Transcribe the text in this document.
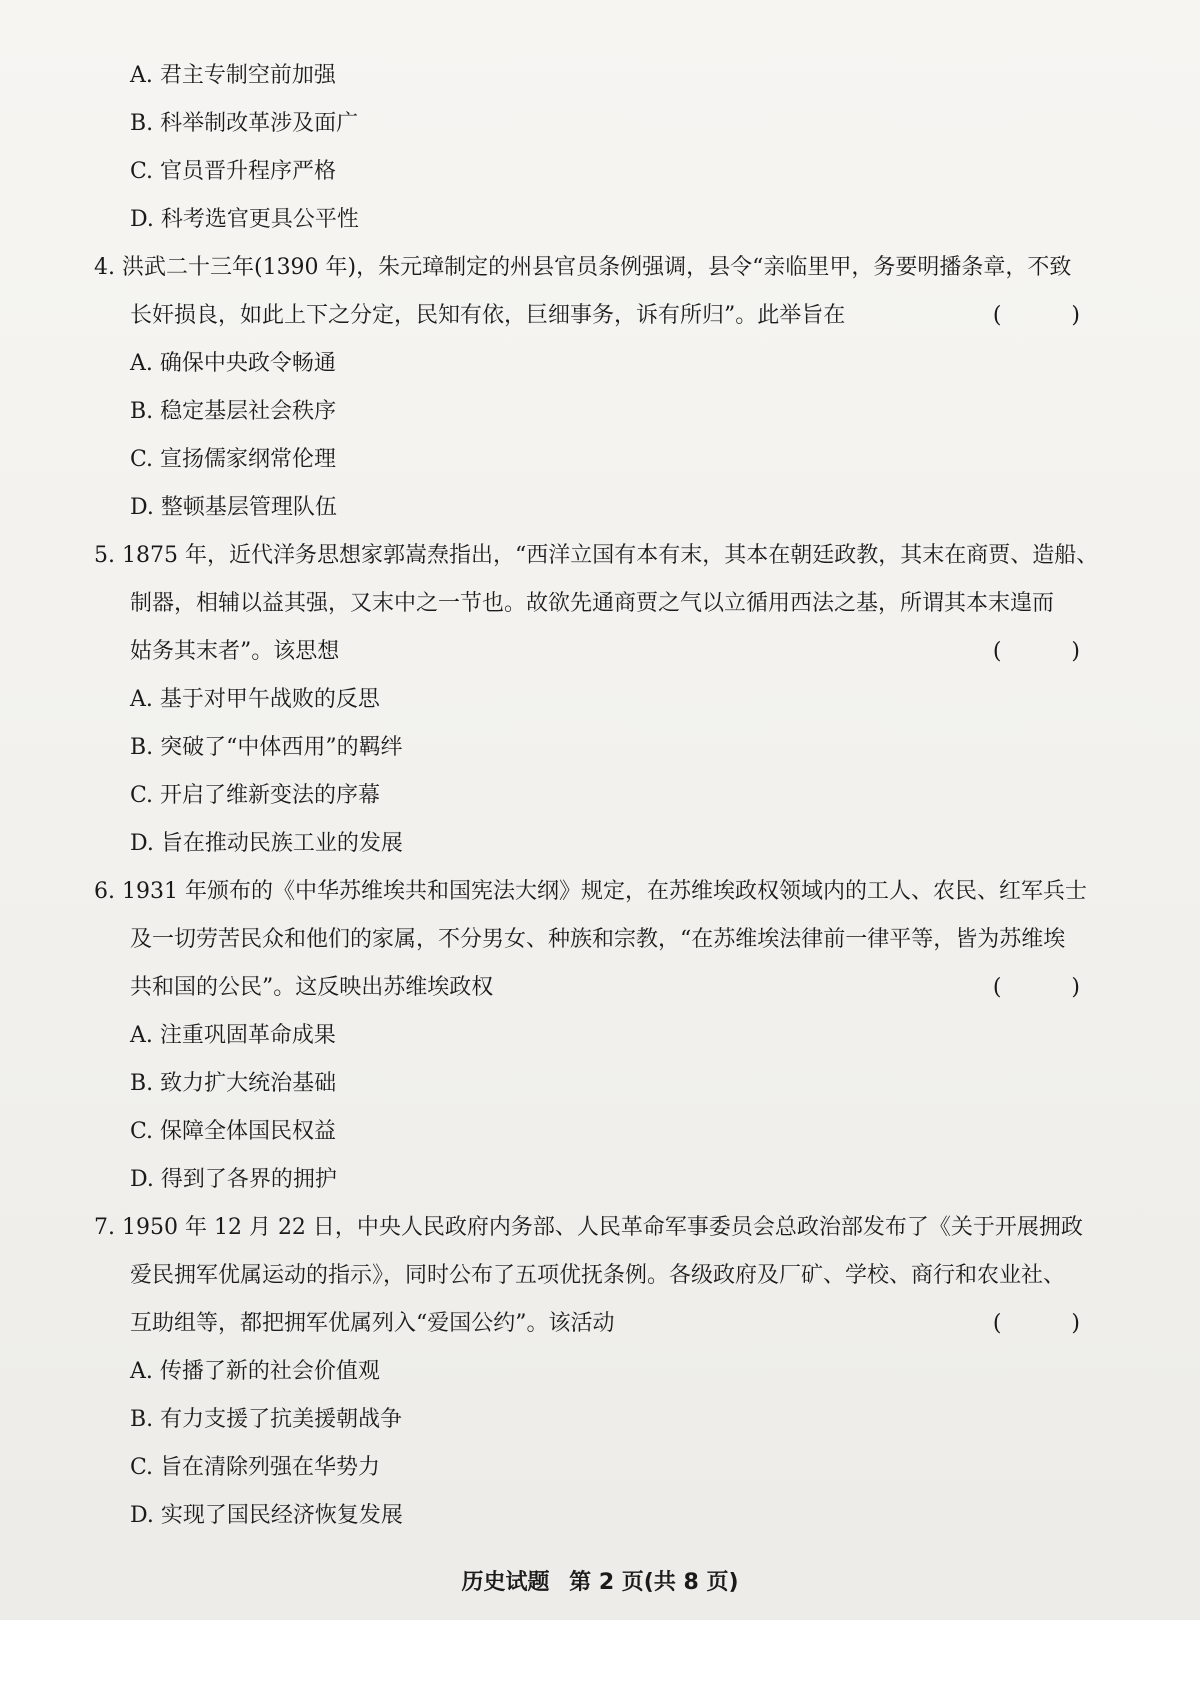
A. 君主专制空前加强
B. 科举制改革涉及面广
C. 官员晋升程序严格
D. 科考选官更具公平性
4. 洪武二十三年(1390 年)，朱元璋制定的州县官员条例强调，县令“亲临里甲，务要明播条章，不致
长奸损良，如此上下之分定，民知有依，巨细事务，诉有所归”。此举旨在	(　)
A. 确保中央政令畅通
B. 稳定基层社会秩序
C. 宣扬儒家纲常伦理
D. 整顿基层管理队伍
5. 1875 年，近代洋务思想家郭嵩焘指出，“西洋立国有本有末，其本在朝廷政教，其末在商贾、造船、
制器，相辅以益其强，又末中之一节也。故欲先通商贾之气以立循用西法之基，所谓其本末遑而
姑务其末者”。该思想	(　)
A. 基于对甲午战败的反思
B. 突破了“中体西用”的羁绊
C. 开启了维新变法的序幕
D. 旨在推动民族工业的发展
6. 1931 年颁布的《中华苏维埃共和国宪法大纲》规定，在苏维埃政权领域内的工人、农民、红军兵士
及一切劳苦民众和他们的家属，不分男女、种族和宗教，“在苏维埃法律前一律平等，皆为苏维埃
共和国的公民”。这反映出苏维埃政权	(　)
A. 注重巩固革命成果
B. 致力扩大统治基础
C. 保障全体国民权益
D. 得到了各界的拥护
7. 1950 年 12 月 22 日，中央人民政府内务部、人民革命军事委员会总政治部发布了《关于开展拥政
爱民拥军优属运动的指示》，同时公布了五项优抚条例。各级政府及厂矿、学校、商行和农业社、
互助组等，都把拥军优属列入“爱国公约”。该活动	(　)
A. 传播了新的社会价值观
B. 有力支援了抗美援朝战争
C. 旨在清除列强在华势力
D. 实现了国民经济恢复发展
历史试题 第 2 页(共 8 页)
